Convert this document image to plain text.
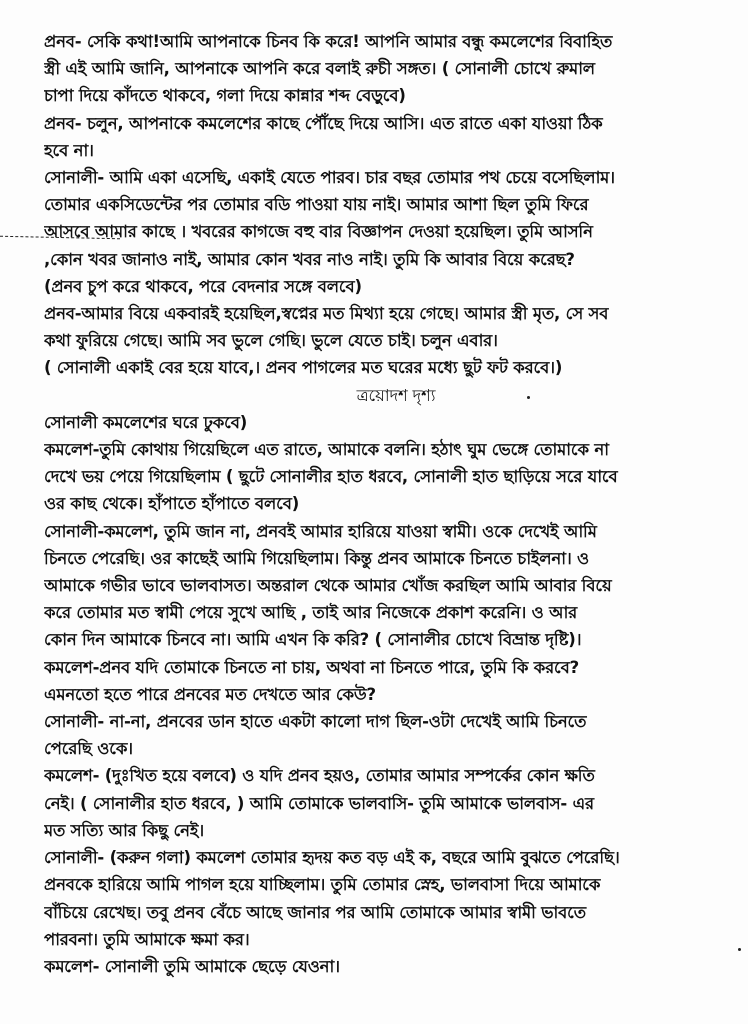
প্রনব- সেকি কথা!আমি আপনাকে চিনব কি করে! আপনি আমার বন্ধু কমলেশের বিবাহিত
স্ত্রী এই আমি জানি, আপনাকে আপনি করে বলাই রুচী সঙ্গত। ( সোনালী চোখে রুমাল
চাপা দিয়ে কাঁদতে থাকবে, গলা দিয়ে কান্নার শব্দ বেড়ুবে)
প্রনব- চলুন, আপনাকে কমলেশের কাছে পৌঁছে দিয়ে আসি। এত রাতে একা যাওয়া ঠিক
হবে না।
সোনালী- আমি একা এসেছি, একাই যেতে পারব। চার বছর তোমার পথ চেয়ে বসেছিলাম।
তোমার একসিডেন্টের পর তোমার বডি পাওয়া যায় নাই। আমার আশা ছিল তুমি ফিরে
আসবে আমার কাছে । খবরের কাগজে বহু বার বিজ্ঞাপন দেওয়া হয়েছিল। তুমি আসনি
,কোন খবর জানাও নাই, আমার কোন খবর নাও নাই। তুমি কি আবার বিয়ে করেছ?
(প্রনব চুপ করে থাকবে, পরে বেদনার সঙ্গে বলবে)
প্রনব-আমার বিয়ে একবারই হয়েছিল,স্বপ্নের মত মিথ্যা হয়ে গেছে। আমার স্ত্রী মৃত, সে সব
কথা ফুরিয়ে গেছে। আমি সব ভুলে গেছি। ভুলে যেতে চাই। চলুন এবার।
( সোনালী একাই বের হয়ে যাবে,। প্রনব পাগলের মত ঘরের মধ্যে ছুট ফট করবে।)
ত্রয়োদশ দৃশ্য
সোনালী কমলেশের ঘরে ঢুকবে)
কমলেশ-তুমি কোথায় গিয়েছিলে এত রাতে, আমাকে বলনি। হঠাৎ ঘুম ভেঙ্গে তোমাকে না
দেখে ভয় পেয়ে গিয়েছিলাম ( ছুটে সোনালীর হাত ধরবে, সোনালী হাত ছাড়িয়ে সরে যাবে
ওর কাছ থেকে। হাঁপাতে হাঁপাতে বলবে)
সোনালী-কমলেশ, তুমি জান না, প্রনবই আমার হারিয়ে যাওয়া স্বামী। ওকে দেখেই আমি
চিনতে পেরেছি। ওর কাছেই আমি গিয়েছিলাম। কিন্তু প্রনব আমাকে চিনতে চাইলনা। ও
আমাকে গভীর ভাবে ভালবাসত। অন্তরাল থেকে আমার খোঁজ করছিল আমি আবার বিয়ে
করে তোমার মত স্বামী পেয়ে সুখে আছি , তাই আর নিজেকে প্রকাশ করেনি। ও আর
কোন দিন আমাকে চিনবে না। আমি এখন কি করি? ( সোনালীর চোখে বিভ্রান্ত দৃষ্টি)।
কমলেশ-প্রনব যদি তোমাকে চিনতে না চায়, অথবা না চিনতে পারে, তুমি কি করবে?
এমনতো হতে পারে প্রনবের মত দেখতে আর কেউ?
সোনালী- না-না, প্রনবের ডান হাতে একটা কালো দাগ ছিল-ওটা দেখেই আমি চিনতে
পেরেছি ওকে।
কমলেশ- (দুঃখিত হয়ে বলবে) ও যদি প্রনব হয়ও, তোমার আমার সম্পর্কের কোন ক্ষতি
নেই। ( সোনালীর হাত ধরবে, ) আমি তোমাকে ভালবাসি- তুমি আমাকে ভালবাস- এর
মত সত্যি আর কিছু নেই।
সোনালী- (করুন গলা) কমলেশ তোমার হৃদয় কত বড় এই ক, বছরে আমি বুঝতে পেরেছি।
প্রনবকে হারিয়ে আমি পাগল হয়ে যাচ্ছিলাম। তুমি তোমার স্নেহ, ভালবাসা দিয়ে আমাকে
বাঁচিয়ে রেখেছ। তবু প্রনব বেঁচে আছে জানার পর আমি তোমাকে আমার স্বামী ভাবতে
পারবনা। তুমি আমাকে ক্ষমা কর।
কমলেশ- সোনালী তুমি আমাকে ছেড়ে যেওনা।
